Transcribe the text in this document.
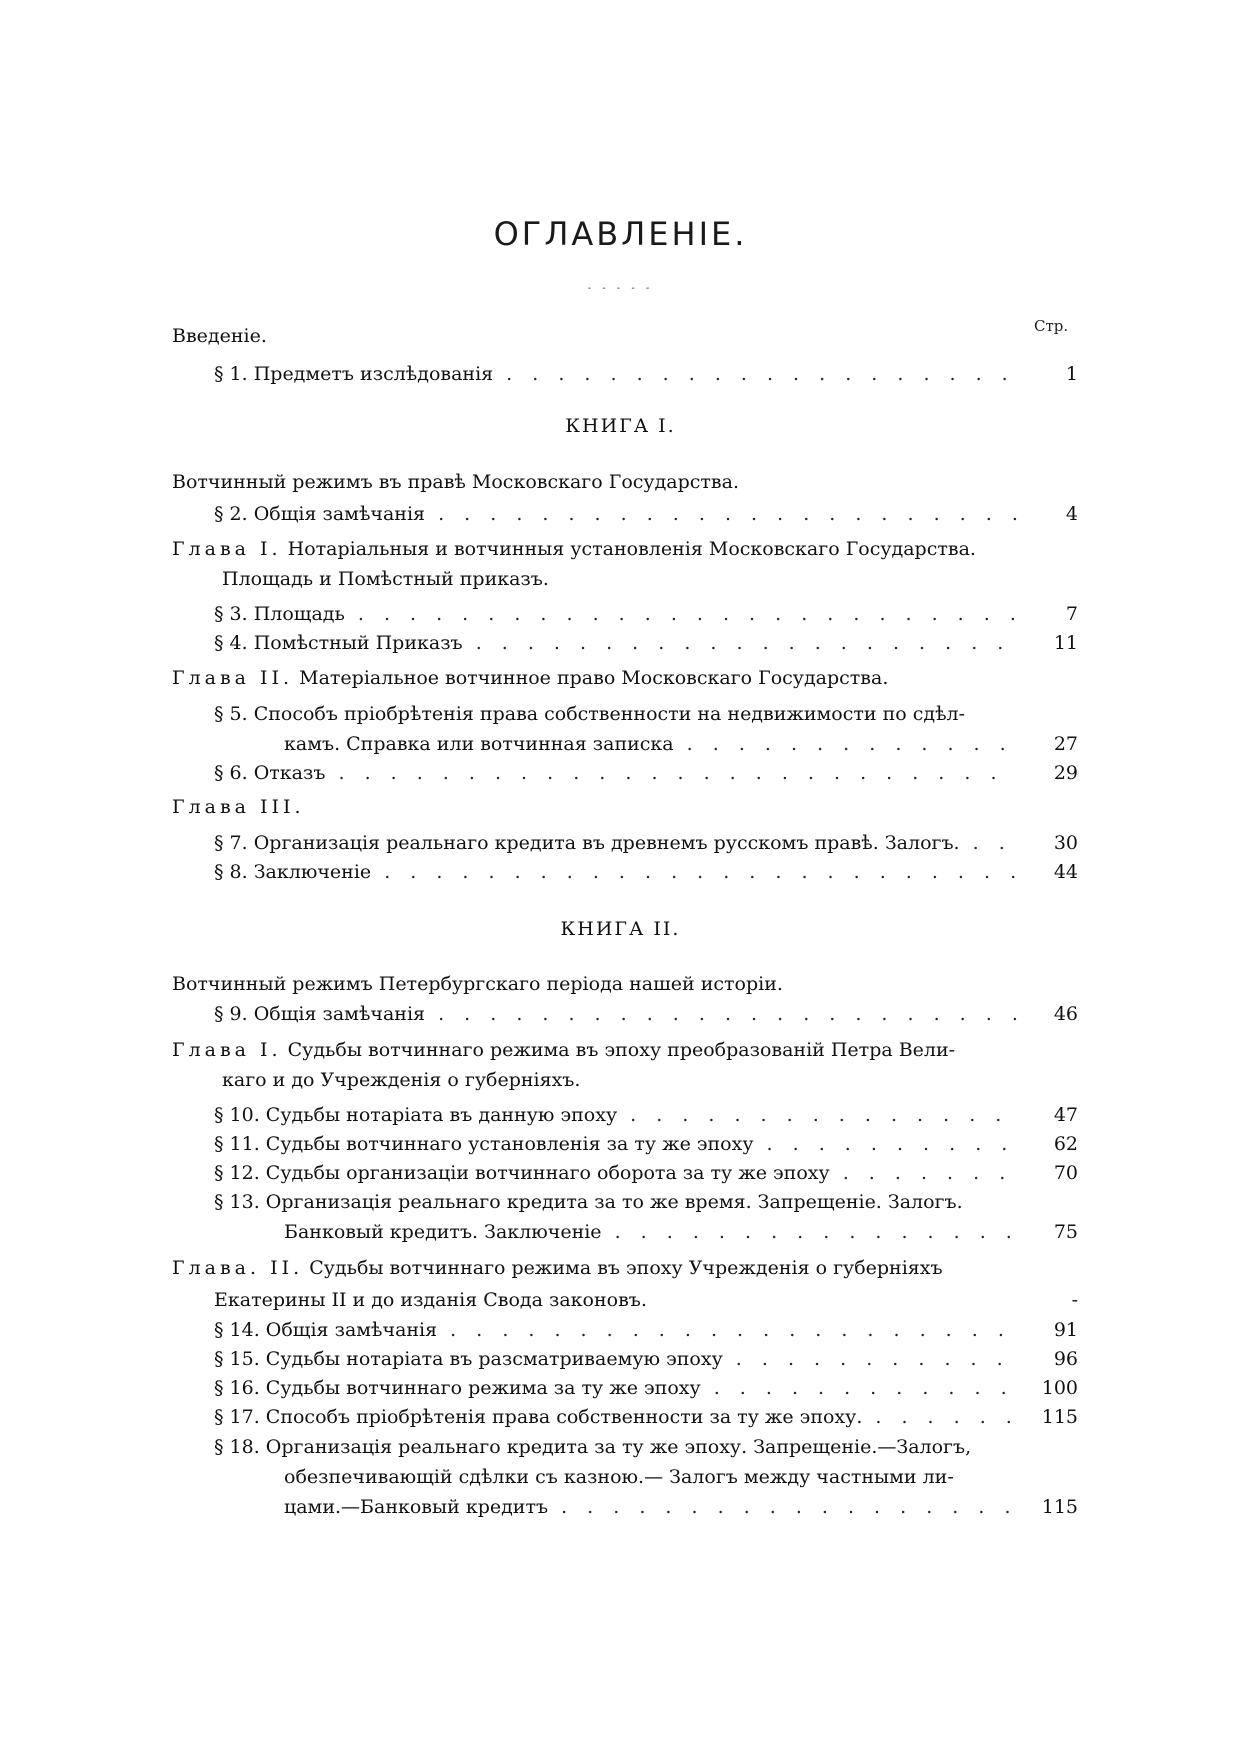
ОГЛАВЛЕНІЕ.
- - - - -
Стр.
Введеніе.
§ 1. Предметъ изслѣдованія . . .	1
КНИГА I.
Вотчинный режимъ въ правѣ Московскаго Государства.
§ 2. Общія замѣчанія . . .	4
Глава I. Нотаріальныя и вотчинныя установленія Московскаго Государства.
Площадь и Помѣстный приказъ.
§ 3. Площадь . . .	7
§ 4. Помѣстный Приказъ . . .	11
Глава II. Матеріальное вотчинное право Московскаго Государства.
§ 5. Способъ пріобрѣтенія права собственности на недвижимости по сдѣл-
камъ. Справка или вотчинная записка . . .	27
§ 6. Отказъ . . .	29
Глава III.
§ 7. Организація реальнаго кредита въ древнемъ русскомъ правѣ. Залогъ. . . .	30
§ 8. Заключеніе . . .	44
КНИГА II.
Вотчинный режимъ Петербургскаго періода нашей исторіи.
§ 9. Общія замѣчанія . . .	46
Глава I. Судьбы вотчиннаго режима въ эпоху преобразованій Петра Вели-
каго и до Учрежденія о губерніяхъ.
§ 10. Судьбы нотаріата въ данную эпоху . . .	47
§ 11. Судьбы вотчиннаго установленія за ту же эпоху . . .	62
§ 12. Судьбы организаціи вотчиннаго оборота за ту же эпоху . . .	70
§ 13. Организація реальнаго кредита за то же время. Запрещеніе. Залогъ.
Банковый кредитъ. Заключеніе . . .	75
Глава. II. Судьбы вотчиннаго режима въ эпоху Учрежденія о губерніяхъ
Екатерины II и до изданія Свода законовъ.	-
§ 14. Общія замѣчанія . . .	91
§ 15. Судьбы нотаріата въ разсматриваемую эпоху . . .	96
§ 16. Судьбы вотчиннаго режима за ту же эпоху . . .	100
§ 17. Способъ пріобрѣтенія права собственности за ту же эпоху. . . .	115
§ 18. Организація реальнаго кредита за ту же эпоху. Запрещеніе.—Залогъ,
обезпечивающій сдѣлки съ казною.— Залогъ между частными ли-
цами.—Банковый кредитъ . . .	115
